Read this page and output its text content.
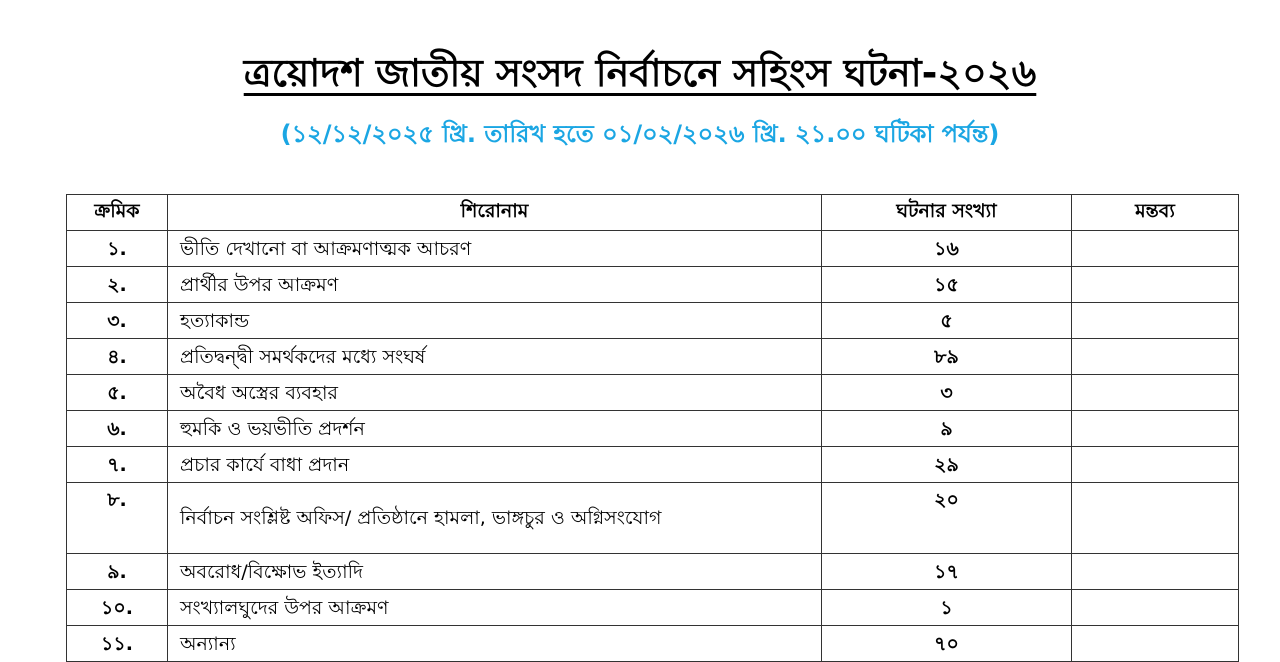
ত্রয়োদশ জাতীয় সংসদ নির্বাচনে সহিংস ঘটনা-২০২৬
(১২/১২/২০২৫ খ্রি. তারিখ হতে ০১/০২/২০২৬ খ্রি. ২১.০০ ঘটিকা পর্যন্ত)
ক্রমিক	শিরোনাম	ঘটনার সংখ্যা	মন্তব্য
১.	ভীতি দেখানো বা আক্রমণাত্মক আচরণ	১৬	
২.	প্রার্থীর উপর আক্রমণ	১৫	
৩.	হত্যাকান্ড	৫	
৪.	প্রতিদ্বন্দ্বী সমর্থকদের মধ্যে সংঘর্ষ	৮৯	
৫.	অবৈধ অস্ত্রের ব্যবহার	৩	
৬.	হুমকি ও ভয়ভীতি প্রদর্শন	৯	
৭.	প্রচার কার্যে বাধা প্রদান	২৯	
৮.	নির্বাচন সংশ্লিষ্ট অফিস/ প্রতিষ্ঠানে হামলা, ভাঙ্গচুর ও অগ্নিসংযোগ	২০	
৯.	অবরোধ/বিক্ষোভ ইত্যাদি	১৭	
১০.	সংখ্যালঘুদের উপর আক্রমণ	১	
১১.	অন্যান্য	৭০	
